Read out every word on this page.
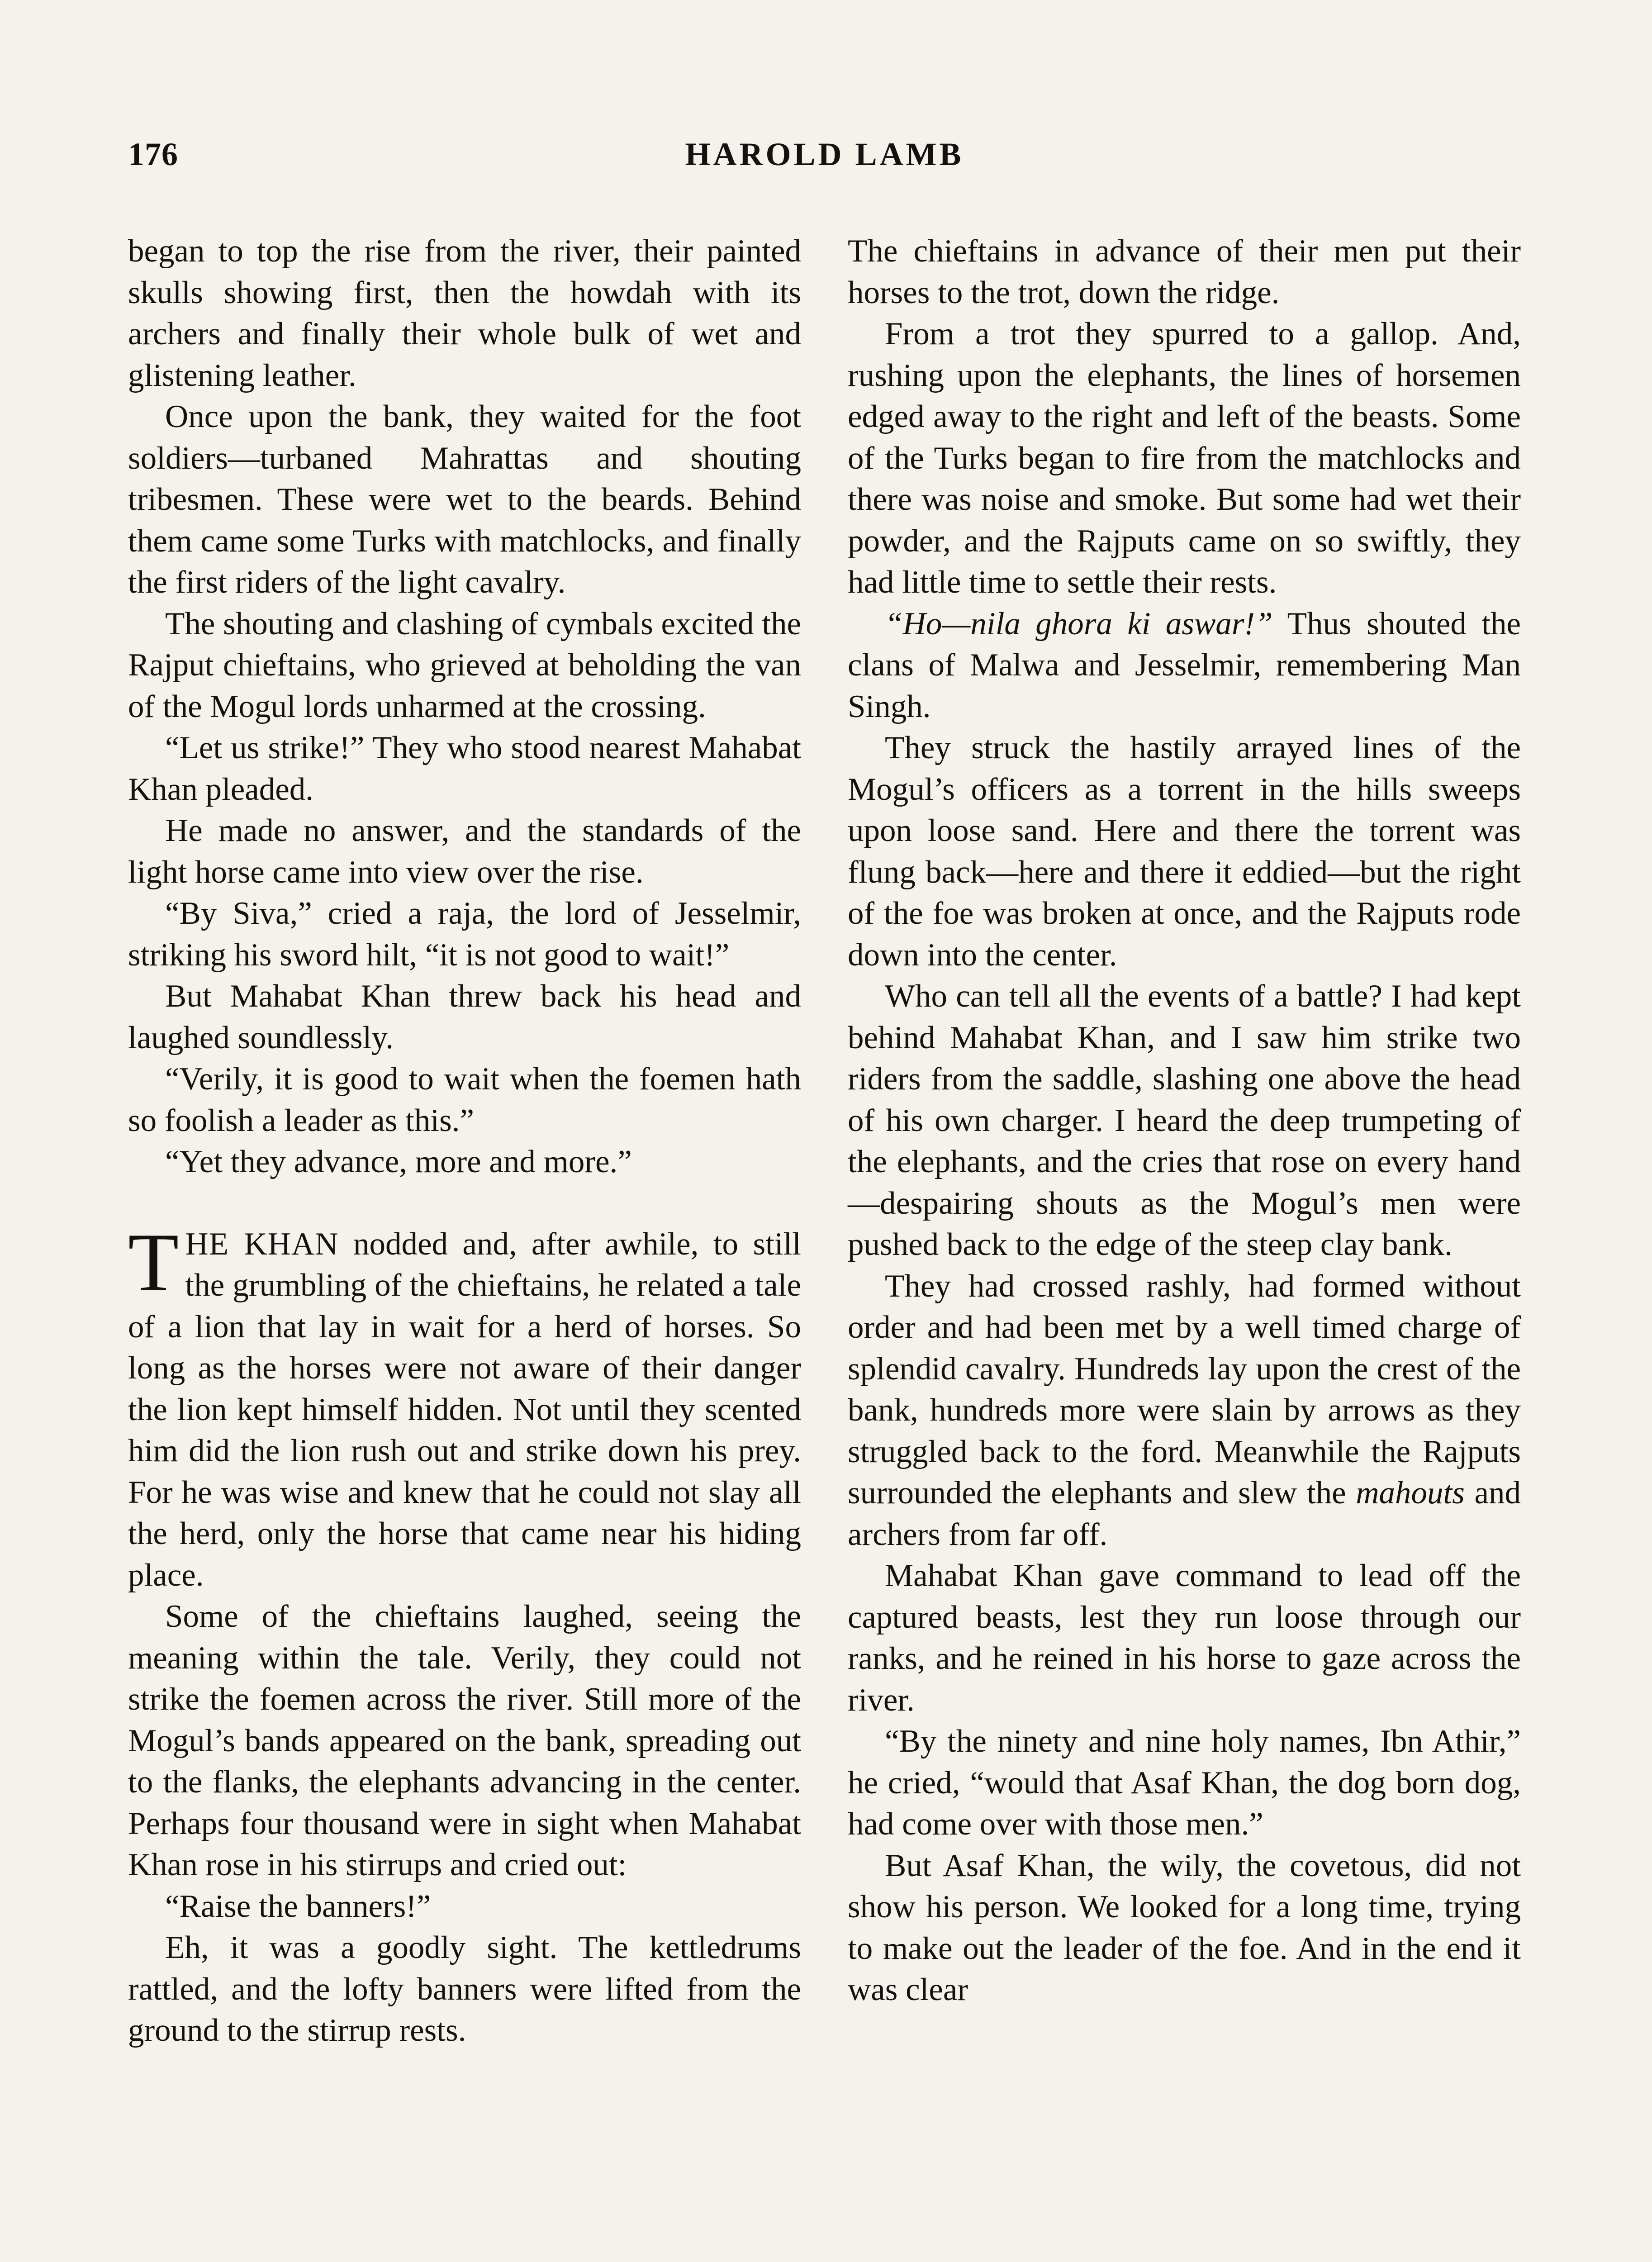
176	HAROLD LAMB

began to top the rise from the river, their painted skulls showing first, then the howdah with its archers and finally their whole bulk of wet and glistening leather.

Once upon the bank, they waited for the foot soldiers—turbaned Mahrattas and shouting tribesmen. These were wet to the beards. Behind them came some Turks with matchlocks, and finally the first riders of the light cavalry.

The shouting and clashing of cymbals excited the Rajput chieftains, who grieved at beholding the van of the Mogul lords unharmed at the crossing.

“Let us strike!” They who stood nearest Mahabat Khan pleaded.

He made no answer, and the standards of the light horse came into view over the rise.

“By Siva,” cried a raja, the lord of Jesselmir, striking his sword hilt, “it is not good to wait!”

But Mahabat Khan threw back his head and laughed soundlessly.

“Verily, it is good to wait when the foemen hath so foolish a leader as this.”

“Yet they advance, more and more.”

THE KHAN nodded and, after awhile, to still the grumbling of the chieftains, he related a tale of a lion that lay in wait for a herd of horses. So long as the horses were not aware of their danger the lion kept himself hidden. Not until they scented him did the lion rush out and strike down his prey. For he was wise and knew that he could not slay all the herd, only the horse that came near his hiding place.

Some of the chieftains laughed, seeing the meaning within the tale. Verily, they could not strike the foemen across the river. Still more of the Mogul’s bands appeared on the bank, spreading out to the flanks, the elephants advancing in the center. Perhaps four thousand were in sight when Mahabat Khan rose in his stirrups and cried out:

“Raise the banners!”

Eh, it was a goodly sight. The kettledrums rattled, and the lofty banners were lifted from the ground to the stirrup rests.

The chieftains in advance of their men put their horses to the trot, down the ridge.

From a trot they spurred to a gallop. And, rushing upon the elephants, the lines of horsemen edged away to the right and left of the beasts. Some of the Turks began to fire from the matchlocks and there was noise and smoke. But some had wet their powder, and the Rajputs came on so swiftly, they had little time to settle their rests.

“Ho—nila ghora ki aswar!” Thus shouted the clans of Malwa and Jesselmir, remembering Man Singh.

They struck the hastily arrayed lines of the Mogul’s officers as a torrent in the hills sweeps upon loose sand. Here and there the torrent was flung back—here and there it eddied—but the right of the foe was broken at once, and the Rajputs rode down into the center.

Who can tell all the events of a battle? I had kept behind Mahabat Khan, and I saw him strike two riders from the saddle, slashing one above the head of his own charger. I heard the deep trumpeting of the elephants, and the cries that rose on every hand—despairing shouts as the Mogul’s men were pushed back to the edge of the steep clay bank.

They had crossed rashly, had formed without order and had been met by a well timed charge of splendid cavalry. Hundreds lay upon the crest of the bank, hundreds more were slain by arrows as they struggled back to the ford. Meanwhile the Rajputs surrounded the elephants and slew the mahouts and archers from far off.

Mahabat Khan gave command to lead off the captured beasts, lest they run loose through our ranks, and he reined in his horse to gaze across the river.

“By the ninety and nine holy names, Ibn Athir,” he cried, “would that Asaf Khan, the dog born dog, had come over with those men.”

But Asaf Khan, the wily, the covetous, did not show his person. We looked for a long time, trying to make out the leader of the foe. And in the end it was clear
